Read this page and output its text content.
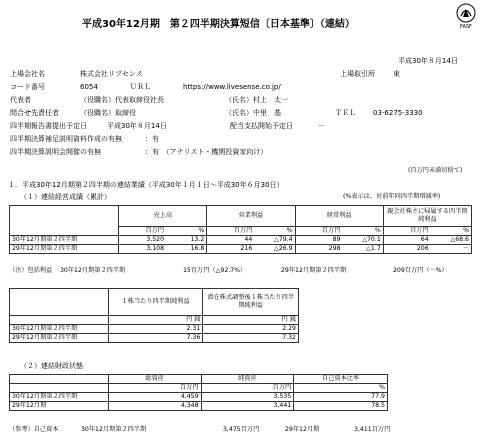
FASF
平成30年12月期　第２四半期決算短信〔日本基準〕（連結）
平成30年８月14日
上場会社名	株式会社リブセンス	上場取引所	東
コード番号	6054	ＵＲＬ	https://www.livesense.co.jp/
代表者	（役職名）代表取締役社長	（氏名）村上　太一
問合せ先責任者	（役職名）取締役	（氏名）中里　基	ＴＥＬ 03-6275-3330
四半期報告書提出予定日	平成30年８月14日	配当支払開始予定日	－
四半期決算補足説明資料作成の有無	：有
四半期決算説明会開催の有無	：有　（アナリスト・機関投資家向け）
(百万円未満切捨て)
１．平成30年12月期第２四半期の連結業績（平成30年１月１日～平成30年６月30日）
（１）連結経営成績（累計）	(%表示は、対前年同四半期増減率)
	売上高		営業利益		経常利益		親会社株主に帰属する四半期純利益	
	百万円	%	百万円	%	百万円	%	百万円	%
30年12月期第２四半期	3,520	13.2	44	△79.4	89	△70.1	64	△68.6
29年12月期第２四半期	3,108	16.8	216	△26.9	298	△1.7	206	－
（注）包括利益 30年12月期第２四半期	15百万円（△92.7%）	29年12月期第２四半期	209百万円（－%）
	１株当たり四半期純利益	潜在株式調整後１株当たり四半期純利益
	円 銭	円 銭
30年12月期第２四半期	2.31	2.29
29年12月期第２四半期	7.36	7.32
（２）連結財政状態
	総資産	純資産	自己資本比率
	百万円	百万円	%
30年12月期第２四半期	4,459	3,535	77.9
29年12月期	4,348	3,441	78.5
（参考）自己資本	30年12月期第２四半期	3,475百万円	29年12月期	3,411百万円
